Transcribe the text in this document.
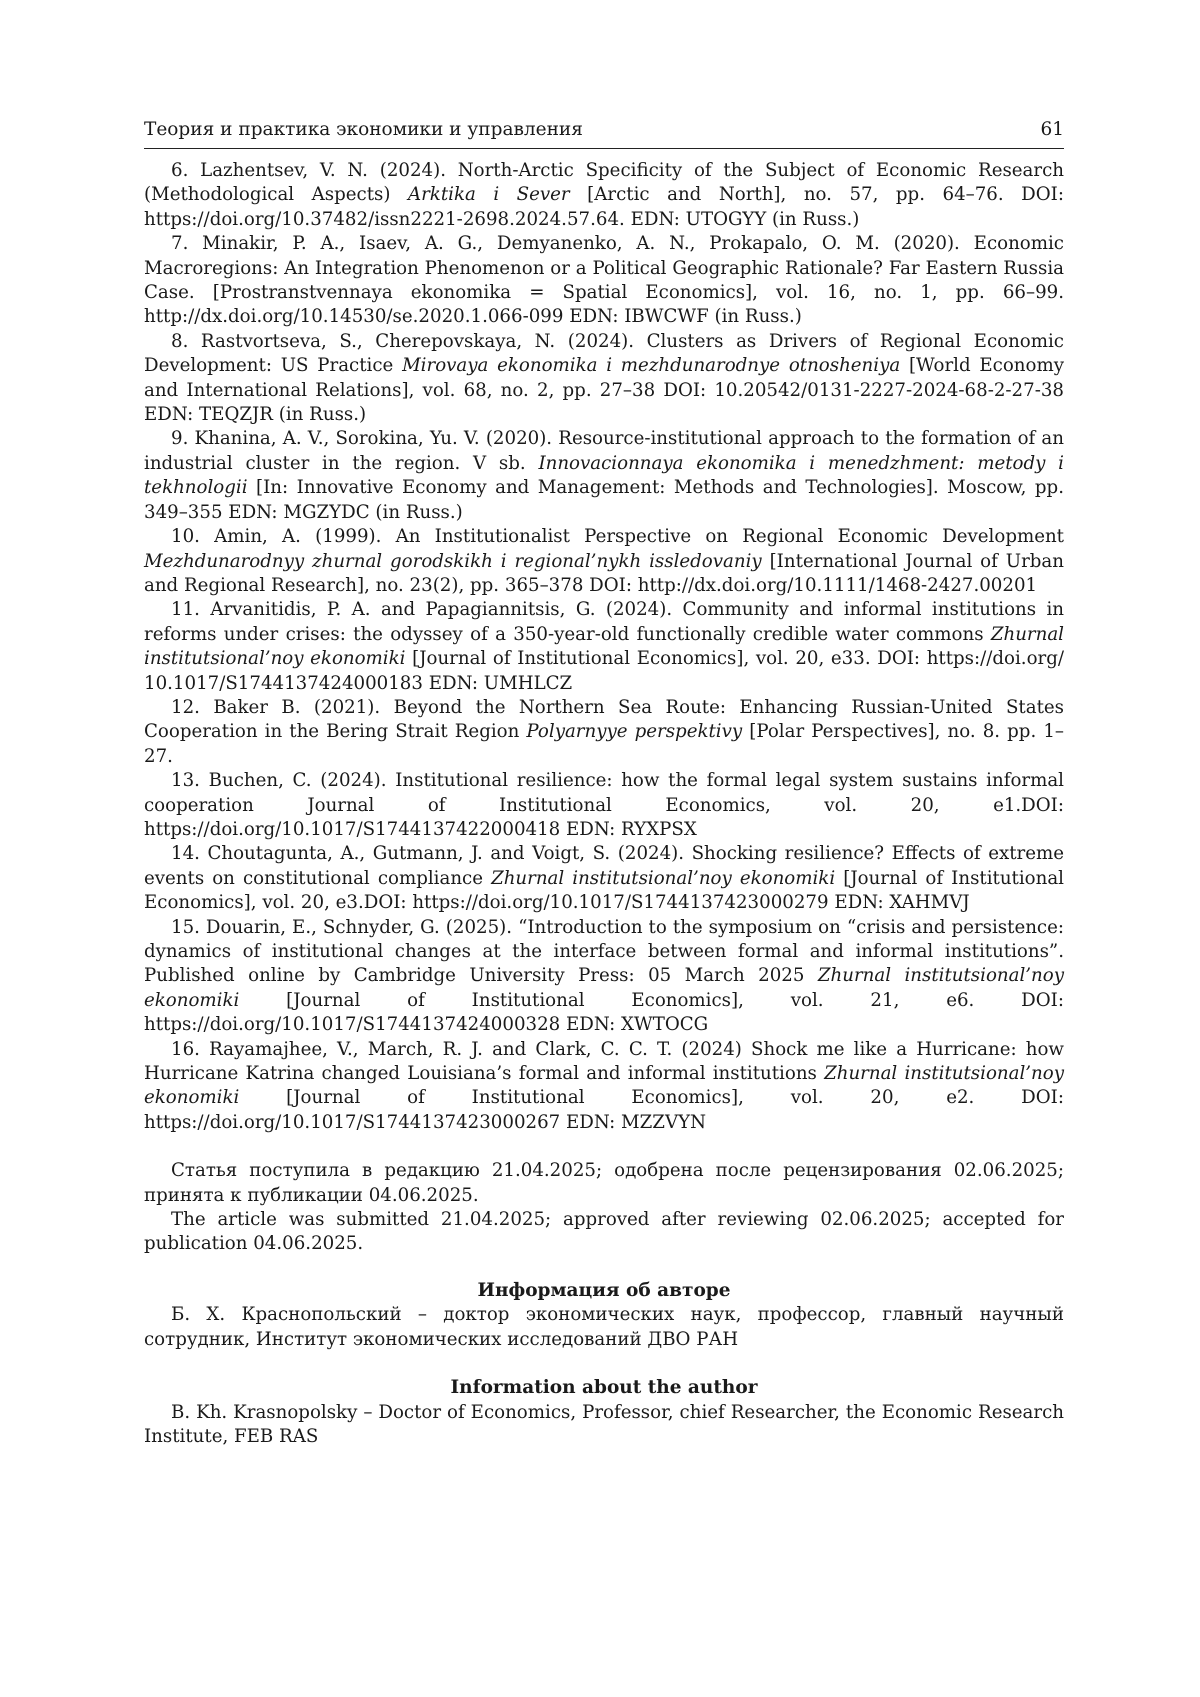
Теория и практика экономики и управления	61

6. Lazhentsev, V. N. (2024). North-Arctic Specificity of the Subject of Economic Research (Methodological Aspects) Arktika i Sever [Arctic and North], no. 57, pp. 64–76. DOI: https://doi.org/10.37482/issn2221-2698.2024.57.64. EDN: UTOGYY (in Russ.)

7. Minakir, P. A., Isaev, A. G., Demyanenko, A. N., Prokapalo, O. M. (2020). Economic Macroregions: An Integration Phenomenon or a Political Geographic Rationale? Far Eastern Russia Case. [Prostranstvennaya ekonomika = Spatial Economics], vol. 16, no. 1, pp. 66–99. http://dx.doi.org/10.14530/se.2020.1.066-099 EDN: IBWCWF (in Russ.)

8. Rastvortseva, S., Cherepovskaya, N. (2024). Clusters as Drivers of Regional Economic Development: US Practice Mirovaya ekonomika i mezhdunarodnye otnosheniya [World Economy and International Relations], vol. 68, no. 2, pp. 27–38 DOI: 10.20542/0131-2227-2024-68-2-27-38 EDN: TEQZJR (in Russ.)

9. Khanina, A. V., Sorokina, Yu. V. (2020). Resource-institutional approach to the formation of an industrial cluster in the region. V sb. Innovacionnaya ekonomika i menedzhment: metody i tekhnologii [In: Innovative Economy and Management: Methods and Technologies]. Moscow, pp. 349–355 EDN: MGZYDC (in Russ.)

10. Amin, A. (1999). An Institutionalist Perspective on Regional Economic Development Mezhdunarodnyy zhurnal gorodskikh i regional’nykh issledovaniy [International Journal of Urban and Regional Research], no. 23(2), pp. 365–378 DOI: http://dx.doi.org/10.1111/1468-2427.00201

11. Arvanitidis, P. A. and Papagiannitsis, G. (2024). Community and informal institutions in reforms under crises: the odyssey of a 350-year-old functionally credible water commons Zhurnal institutsional’noy ekonomiki [Journal of Institutional Economics], vol. 20, e33. DOI: https://doi.org/ 10.1017/S1744137424000183 EDN: UMHLCZ

12. Baker B. (2021). Beyond the Northern Sea Route: Enhancing Russian-United States Cooperation in the Bering Strait Region Polyarnyye perspektivy [Polar Perspectives], no. 8. pp. 1–27.

13. Buchen, C. (2024). Institutional resilience: how the formal legal system sustains informal cooperation Journal of Institutional Economics, vol. 20, e1.DOI: https://doi.org/10.1017/S1744137422000418 EDN: RYXPSX

14. Choutagunta, A., Gutmann, J. and Voigt, S. (2024). Shocking resilience? Effects of extreme events on constitutional compliance Zhurnal institutsional’noy ekonomiki [Journal of Institutional Economics], vol. 20, e3.DOI: https://doi.org/10.1017/S1744137423000279 EDN: XAHMVJ

15. Douarin, E., Schnyder, G. (2025). “Introduction to the symposium on “crisis and persistence: dynamics of institutional changes at the interface between formal and informal institutions”. Published online by Cambridge University Press: 05 March 2025 Zhurnal institutsional’noy ekonomiki [Journal of Institutional Economics], vol. 21, e6. DOI: https://doi.org/10.1017/S1744137424000328 EDN: XWTOCG

16. Rayamajhee, V., March, R. J. and Clark, C. C. T. (2024) Shock me like a Hurricane: how Hurricane Katrina changed Louisiana’s formal and informal institutions Zhurnal institutsional’noy ekonomiki [Journal of Institutional Economics], vol. 20, e2. DOI: https://doi.org/10.1017/S1744137423000267 EDN: MZZVYN

Статья поступила в редакцию 21.04.2025; одобрена после рецензирования 02.06.2025; принята к публикации 04.06.2025.

The article was submitted 21.04.2025; approved after reviewing 02.06.2025; accepted for publication 04.06.2025.

Информация об авторе

Б. Х. Краснопольский – доктор экономических наук, профессор, главный научный сотрудник, Институт экономических исследований ДВО РАН

Information about the author

B. Kh. Krasnopolsky – Doctor of Economics, Professor, chief Researcher, the Economic Research Institute, FEB RAS
